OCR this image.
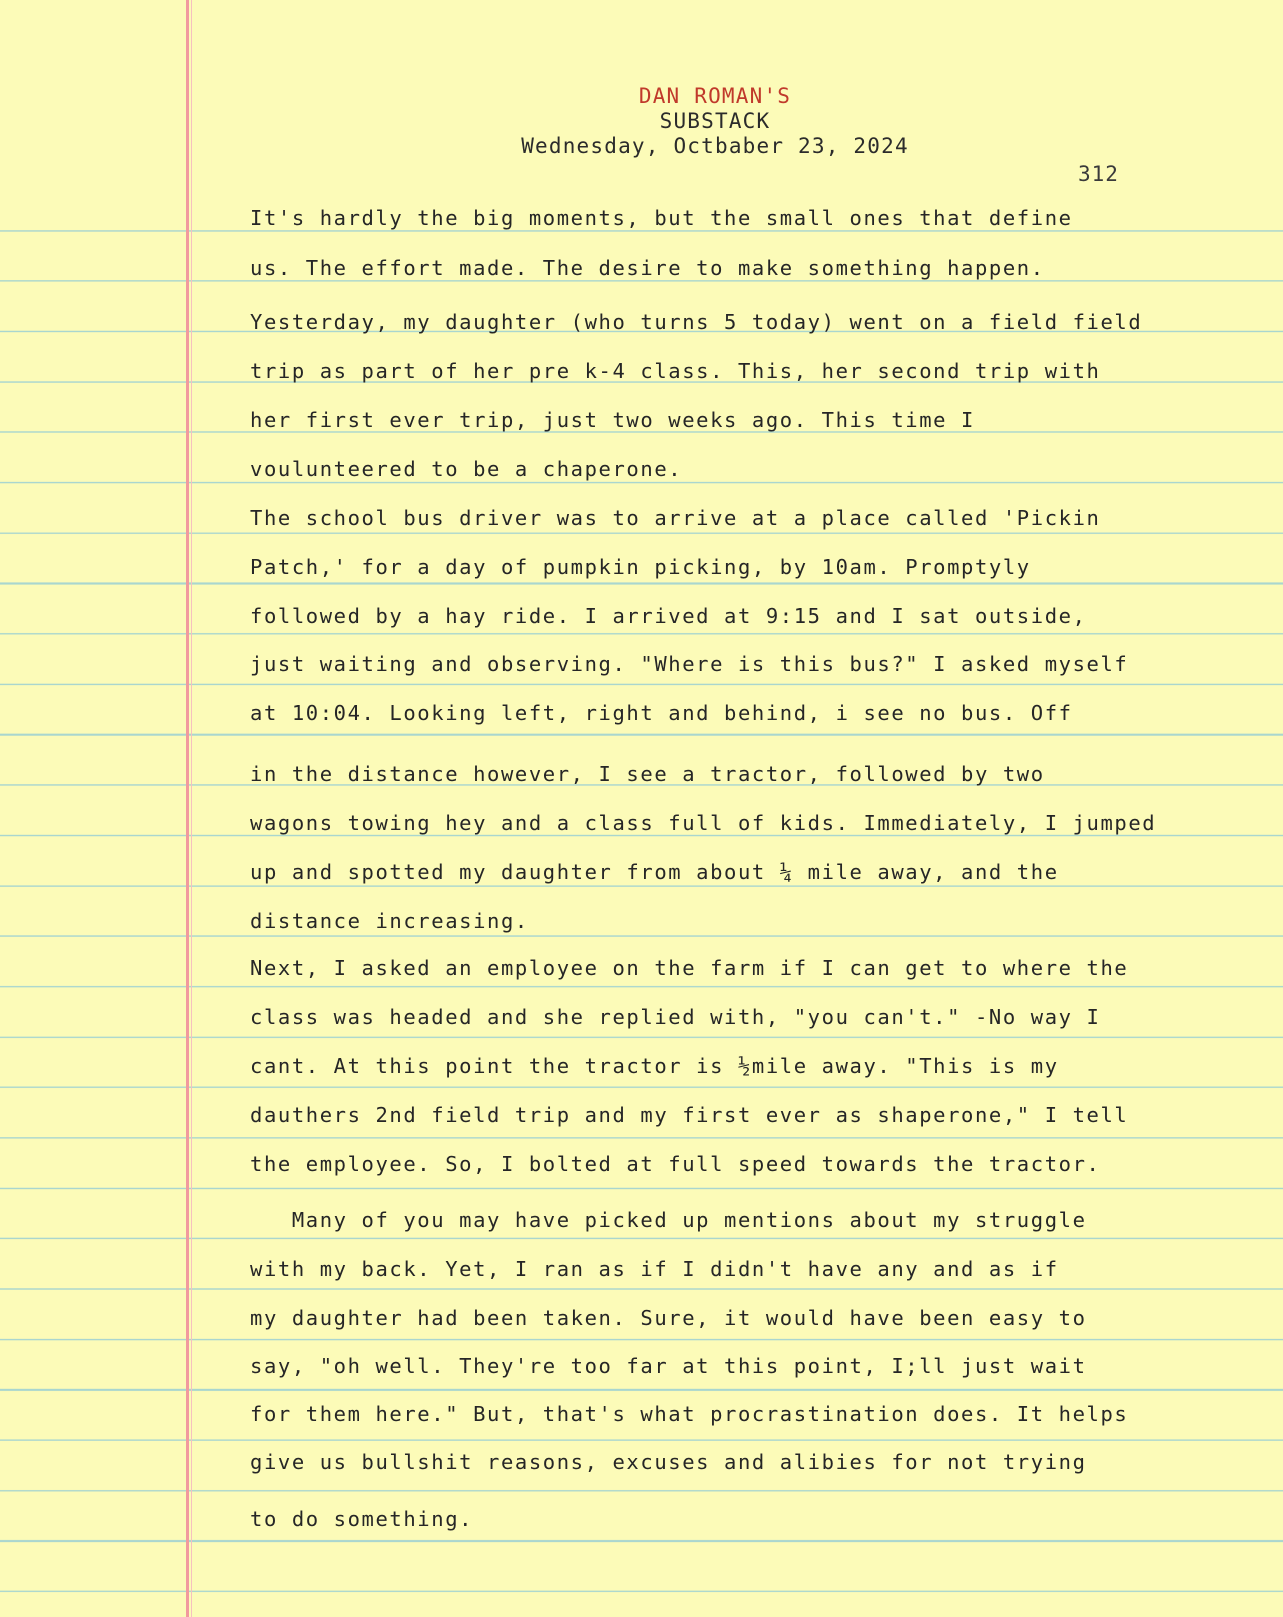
DAN ROMAN'S
SUBSTACK
Wednesday, Octbaber 23, 2024
312
It's hardly the big moments, but the small ones that define
us. The effort made. The desire to make something happen.
Yesterday, my daughter (who turns 5 today) went on a field field
trip as part of her pre k-4 class. This, her second trip with
her first ever trip, just two weeks ago. This time I
voulunteered to be a chaperone.
The school bus driver was to arrive at a place called 'Pickin
Patch,' for a day of pumpkin picking, by 10am. Promptyly
followed by a hay ride. I arrived at 9:15 and I sat outside,
just waiting and observing. "Where is this bus?" I asked myself
at 10:04. Looking left, right and behind, i see no bus. Off
in the distance however, I see a tractor, followed by two
wagons towing hey and a class full of kids. Immediately, I jumped
up and spotted my daughter from about ¼ mile away, and the
distance increasing.
Next, I asked an employee on the farm if I can get to where the
class was headed and she replied with, "you can't." -No way I
cant. At this point the tractor is ½mile away. "This is my
dauthers 2nd field trip and my first ever as shaperone," I tell
the employee. So, I bolted at full speed towards the tractor.
Many of you may have picked up mentions about my struggle
with my back. Yet, I ran as if I didn't have any and as if
my daughter had been taken. Sure, it would have been easy to
say, "oh well. They're too far at this point, I;ll just wait
for them here." But, that's what procrastination does. It helps
give us bullshit reasons, excuses and alibies for not trying
to do something.
